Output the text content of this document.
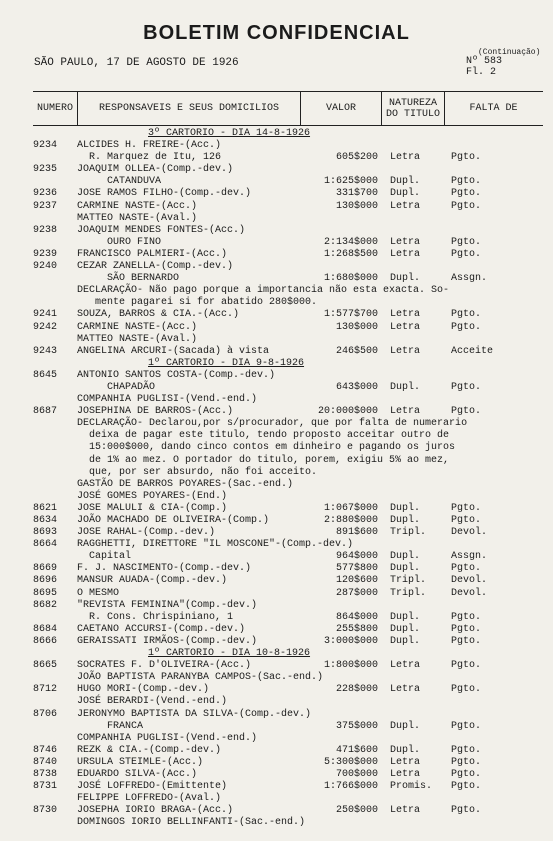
BOLETIM CONFIDENCIAL
SÃO PAULO, 17 DE AGOSTO DE 1926
(Continuação)
Nº 583
Fl. 2
NUMERO	RESPONSAVEIS E SEUS DOMICILIOS	VALOR	NATUREZA DO TITULO	FALTA DE
3º CARTORIO - DIA 14-8-1926
9234 ALCIDES H. FREIRE-(Acc.)
R. Marquez de Itu, 126	605$200 Letra	Pgto.
9235 JOAQUIM OLLEA-(Comp.-dev.)
CATANDUVA	1:625$000 Dupl.	Pgto.
9236 JOSE RAMOS FILHO-(Comp.-dev.)	331$700 Dupl.	Pgto.
9237 CARMINE NASTE-(Acc.)	130$000 Letra	Pgto.
MATTEO NASTE-(Aval.)
9238 JOAQUIM MENDES FONTES-(Acc.)
OURO FINO	2:134$000 Letra	Pgto.
9239 FRANCISCO PALMIERI-(Acc.)	1:268$500 Letra	Pgto.
9240 CEZAR ZANELLA-(Comp.-dev.)
SÃO BERNARDO	1:680$000 Dupl.	Assgn.
DECLARAÇÃO- Não pago porque a importancia não esta exacta. So-
mente pagarei si for abatido 280$000.
9241 SOUZA, BARROS & CIA.-(Acc.)	1:577$700 Letra	Pgto.
9242 CARMINE NASTE-(Acc.)	130$000 Letra	Pgto.
MATTEO NASTE-(Aval.)
9243 ANGELINA ARCURI-(Sacada) à vista	246$500 Letra	Acceite
1º CARTORIO - DIA 9-8-1926
8645 ANTONIO SANTOS COSTA-(Comp.-dev.)
CHAPADÃO	643$000 Dupl.	Pgto.
COMPANHIA PUGLISI-(Vend.-end.)
8687 JOSEPHINA DE BARROS-(Acc.)	20:000$000 Letra	Pgto.
DECLARAÇÃO- Declarou,por s/procurador, que por falta de numerario
deixa de pagar este titulo, tendo proposto acceitar outro de
15:000$000, dando cinco contos em dinheiro e pagando os juros
de 1% ao mez. O portador do titulo, porem, exigiu 5% ao mez,
que, por ser absurdo, não foi acceito.
GASTÃO DE BARROS POYARES-(Sac.-end.)
JOSÉ GOMES POYARES-(End.)
8621 JOSE MALULI & CIA-(Comp.)	1:067$000 Dupl.	Pgto.
8634 JOÃO MACHADO DE OLIVEIRA-(Comp.)	2:880$000 Dupl.	Pgto.
8693 JOSE RAHAL-(Comp.-dev.)	891$600 Tripl. Devol.
8664 RAGGHETTI, DIRETTORE "IL MOSCONE"-(Comp.-dev.)
Capital	964$000 Dupl.	Assgn.
8669 F. J. NASCIMENTO-(Comp.-dev.)	577$800 Dupl.	Pgto.
8696 MANSUR AUADA-(Comp.-dev.)	120$600 Tripl. Devol.
8695 O MESMO	287$000 Tripl. Devol.
8682 "REVISTA FEMININA"(Comp.-dev.)
R. Cons. Chrispiniano, 1	864$000 Dupl.	Pgto.
8684 CAETANO ACCURSI-(Comp.-dev.)	255$800 Dupl.	Pgto.
8666 GERAISSATI IRMÃOS-(Comp.-dev.)	3:000$000 Dupl.	Pgto.
1º CARTORIO - DIA 10-8-1926
8665 SOCRATES F. D'OLIVEIRA-(Acc.)	1:800$000 Letra	Pgto.
JOÃO BAPTISTA PARANYBA CAMPOS-(Sac.-end.)
8712 HUGO MORI-(Comp.-dev.)	228$000 Letra	Pgto.
JOSÉ BERARDI-(Vend.-end.)
8706 JERONYMO BAPTISTA DA SILVA-(Comp.-dev.)
FRANCA	375$000 Dupl.	Pgto.
COMPANHIA PUGLISI-(Vend.-end.)
8746 REZK & CIA.-(Comp.-dev.)	471$600 Dupl.	Pgto.
8740 URSULA STEIMLE-(Acc.)	5:300$000 Letra	Pgto.
8738 EDUARDO SILVA-(Acc.)	700$000 Letra	Pgto.
8731 JOSÉ LOFFREDO-(Emittente)	1:766$000 Promis. Pgto.
FELIPPE LOFFREDO-(Aval.)
8730 JOSEPHA IORIO BRAGA-(Acc.)	250$000 Letra	Pgto.
DOMINGOS IORIO BELLINFANTI-(Sac.-end.)
